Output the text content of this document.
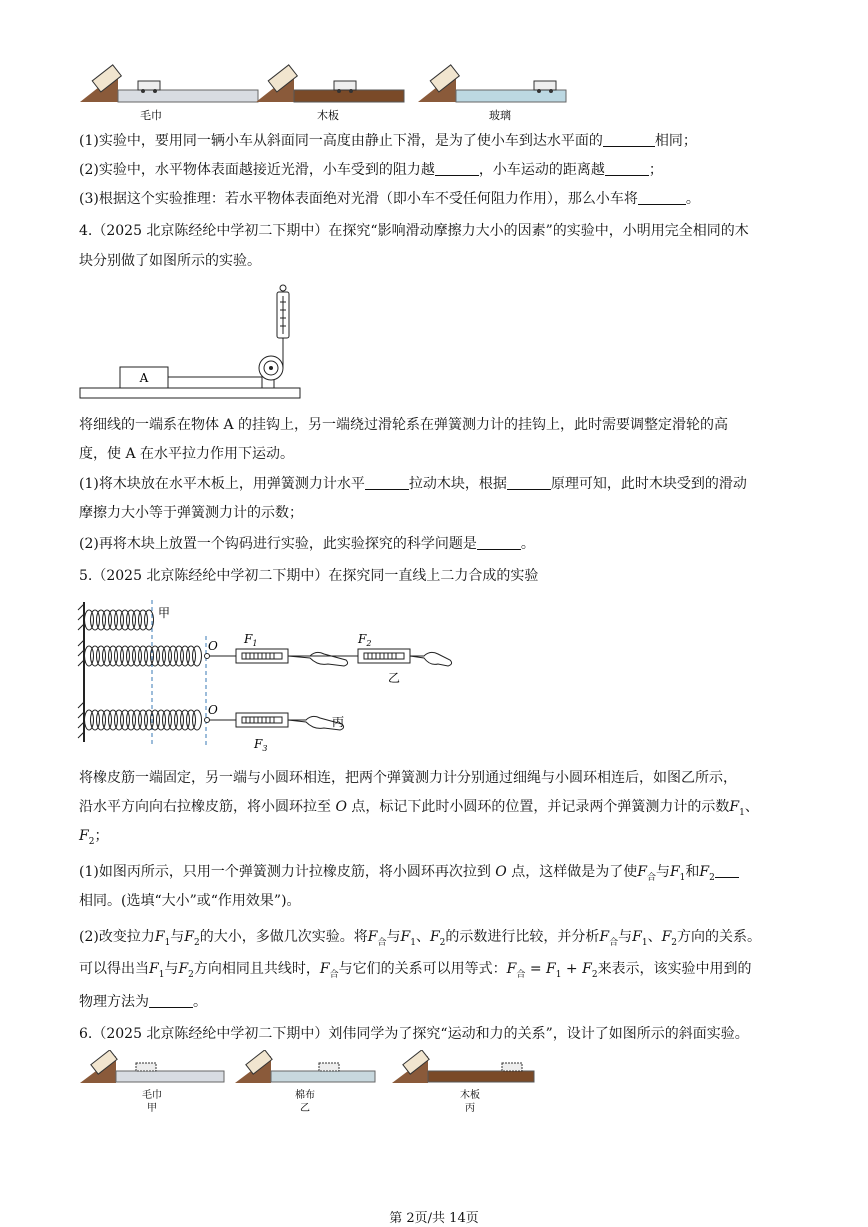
毛巾	木板	玻璃
(1)实验中，要用同一辆小车从斜面同一高度由静止下滑，是为了使小车到达水平面的	相同；
(2)实验中，水平物体表面越接近光滑，小车受到的阻力越	，小车运动的距离越	；
(3)根据这个实验推理：若水平物体表面绝对光滑（即小车不受任何阻力作用），那么小车将	。
4.（2025 北京陈经纶中学初二下期中）在探究“影响滑动摩擦力大小的因素”的实验中，小明用完全相同的木
块分别做了如图所示的实验。
A
将细线的一端系在物体 A 的挂钩上，另一端绕过滑轮系在弹簧测力计的挂钩上，此时需要调整定滑轮的高
度，使 A 在水平拉力作用下运动。
(1)将木块放在水平木板上，用弹簧测力计水平	拉动木块，根据	原理可知，此时木块受到的滑动
摩擦力大小等于弹簧测力计的示数；
(2)再将木块上放置一个钩码进行实验，此实验探究的科学问题是	。
5.（2025 北京陈经纶中学初二下期中）在探究同一直线上二力合成的实验
甲
O $F_1$	$F_2$
乙
O
丙
$F_3$
将橡皮筋一端固定，另一端与小圆环相连，把两个弹簧测力计分别通过细绳与小圆环相连后，如图乙所示，
沿水平方向向右拉橡皮筋，将小圆环拉至 O 点，标记下此时小圆环的位置，并记录两个弹簧测力计的示数$F_1$、
$F_2$；
(1)如图丙所示，只用一个弹簧测力计拉橡皮筋，将小圆环再次拉到 O 点，这样做是为了使$F_合$与$F_1$和$F_2$
相同。(选填“大小”或“作用效果”)。
(2)改变拉力$F_1$与$F_2$的大小，多做几次实验。将$F_合$与$F_1$、$F_2$的示数进行比较，并分析$F_合$与$F_1$、$F_2$方向的关系。
可以得出当$F_1$与$F_2$方向相同且共线时，$F_合$与它们的关系可以用等式：$F_合 = F_1 + F_2$来表示，该实验中用到的
物理方法为	。
6.（2025 北京陈经纶中学初二下期中）刘伟同学为了探究“运动和力的关系”，设计了如图所示的斜面实验。
毛巾
甲
棉布
乙
木板
丙
第 2页/共 14页
